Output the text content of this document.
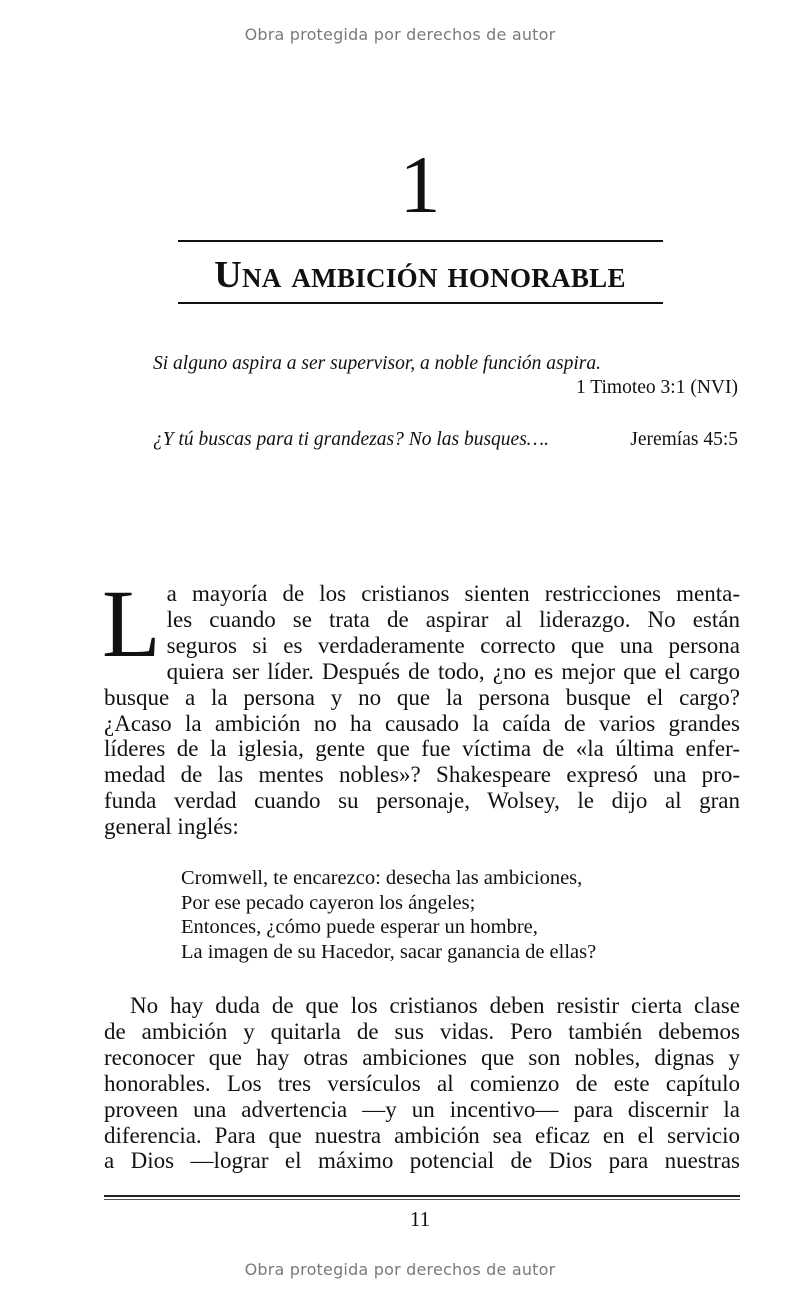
Obra protegida por derechos de autor
1
Una ambición honorable
Si alguno aspira a ser supervisor, a noble función aspira.
1 Timoteo 3:1 (NVI)
¿Y tú buscas para ti grandezas? No las busques….	Jeremías 45:5
L a mayoría de los cristianos sienten restricciones menta-
les cuando se trata de aspirar al liderazgo. No están
seguros si es verdaderamente correcto que una persona
quiera ser líder. Después de todo, ¿no es mejor que el cargo
busque a la persona y no que la persona busque el cargo?
¿Acaso la ambición no ha causado la caída de varios grandes
líderes de la iglesia, gente que fue víctima de «la última enfer-
medad de las mentes nobles»? Shakespeare expresó una pro-
funda verdad cuando su personaje, Wolsey, le dijo al gran
general inglés:
Cromwell, te encarezco: desecha las ambiciones,
Por ese pecado cayeron los ángeles;
Entonces, ¿cómo puede esperar un hombre,
La imagen de su Hacedor, sacar ganancia de ellas?
No hay duda de que los cristianos deben resistir cierta clase
de ambición y quitarla de sus vidas. Pero también debemos
reconocer que hay otras ambiciones que son nobles, dignas y
honorables. Los tres versículos al comienzo de este capítulo
proveen una advertencia —y un incentivo— para discernir la
diferencia. Para que nuestra ambición sea eficaz en el servicio
a Dios —lograr el máximo potencial de Dios para nuestras
11
Obra protegida por derechos de autor
